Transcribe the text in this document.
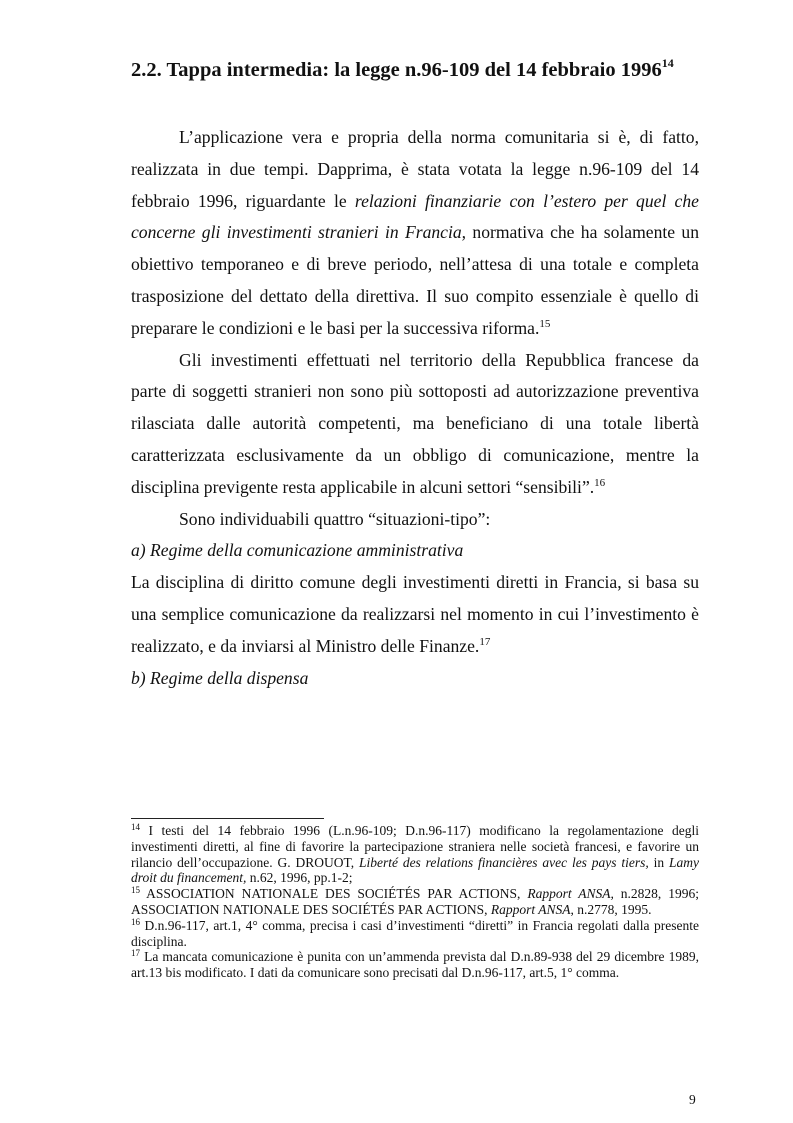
2.2. Tappa intermedia: la legge n.96-109 del 14 febbraio 1996$^{14}$

L’applicazione vera e propria della norma comunitaria si è, di fatto, realizzata in due tempi. Dapprima, è stata votata la legge n.96-109 del 14 febbraio 1996, riguardante le relazioni finanziarie con l’estero per quel che concerne gli investimenti stranieri in Francia, normativa che ha solamente un obiettivo temporaneo e di breve periodo, nell’attesa di una totale e completa trasposizione del dettato della direttiva. Il suo compito essenziale è quello di preparare le condizioni e le basi per la successiva riforma.$^{15}$

Gli investimenti effettuati nel territorio della Repubblica francese da parte di soggetti stranieri non sono più sottoposti ad autorizzazione preventiva rilasciata dalle autorità competenti, ma beneficiano di una totale libertà caratterizzata esclusivamente da un obbligo di comunicazione, mentre la disciplina previgente resta applicabile in alcuni settori “sensibili”.$^{16}$

Sono individuabili quattro “situazioni-tipo”:

a) Regime della comunicazione amministrativa

La disciplina di diritto comune degli investimenti diretti in Francia, si basa su una semplice comunicazione da realizzarsi nel momento in cui l’investimento è realizzato, e da inviarsi al Ministro delle Finanze.$^{17}$

b) Regime della dispensa

$^{14}$ I testi del 14 febbraio 1996 (L.n.96-109; D.n.96-117) modificano la regolamentazione degli investimenti diretti, al fine di favorire la partecipazione straniera nelle società francesi, e favorire un rilancio dell’occupazione. G. DROUOT, Liberté des relations financières avec les pays tiers, in Lamy droit du financement, n.62, 1996, pp.1-2;

$^{15}$ ASSOCIATION NATIONALE DES SOCIÉTÉS PAR ACTIONS, Rapport ANSA, n.2828, 1996; ASSOCIATION NATIONALE DES SOCIÉTÉS PAR ACTIONS, Rapport ANSA, n.2778, 1995.

$^{16}$ D.n.96-117, art.1, 4° comma, precisa i casi d’investimenti “diretti” in Francia regolati dalla presente disciplina.

$^{17}$ La mancata comunicazione è punita con un’ammenda prevista dal D.n.89-938 del 29 dicembre 1989, art.13 bis modificato. I dati da comunicare sono precisati dal D.n.96-117, art.5, 1° comma.

9
